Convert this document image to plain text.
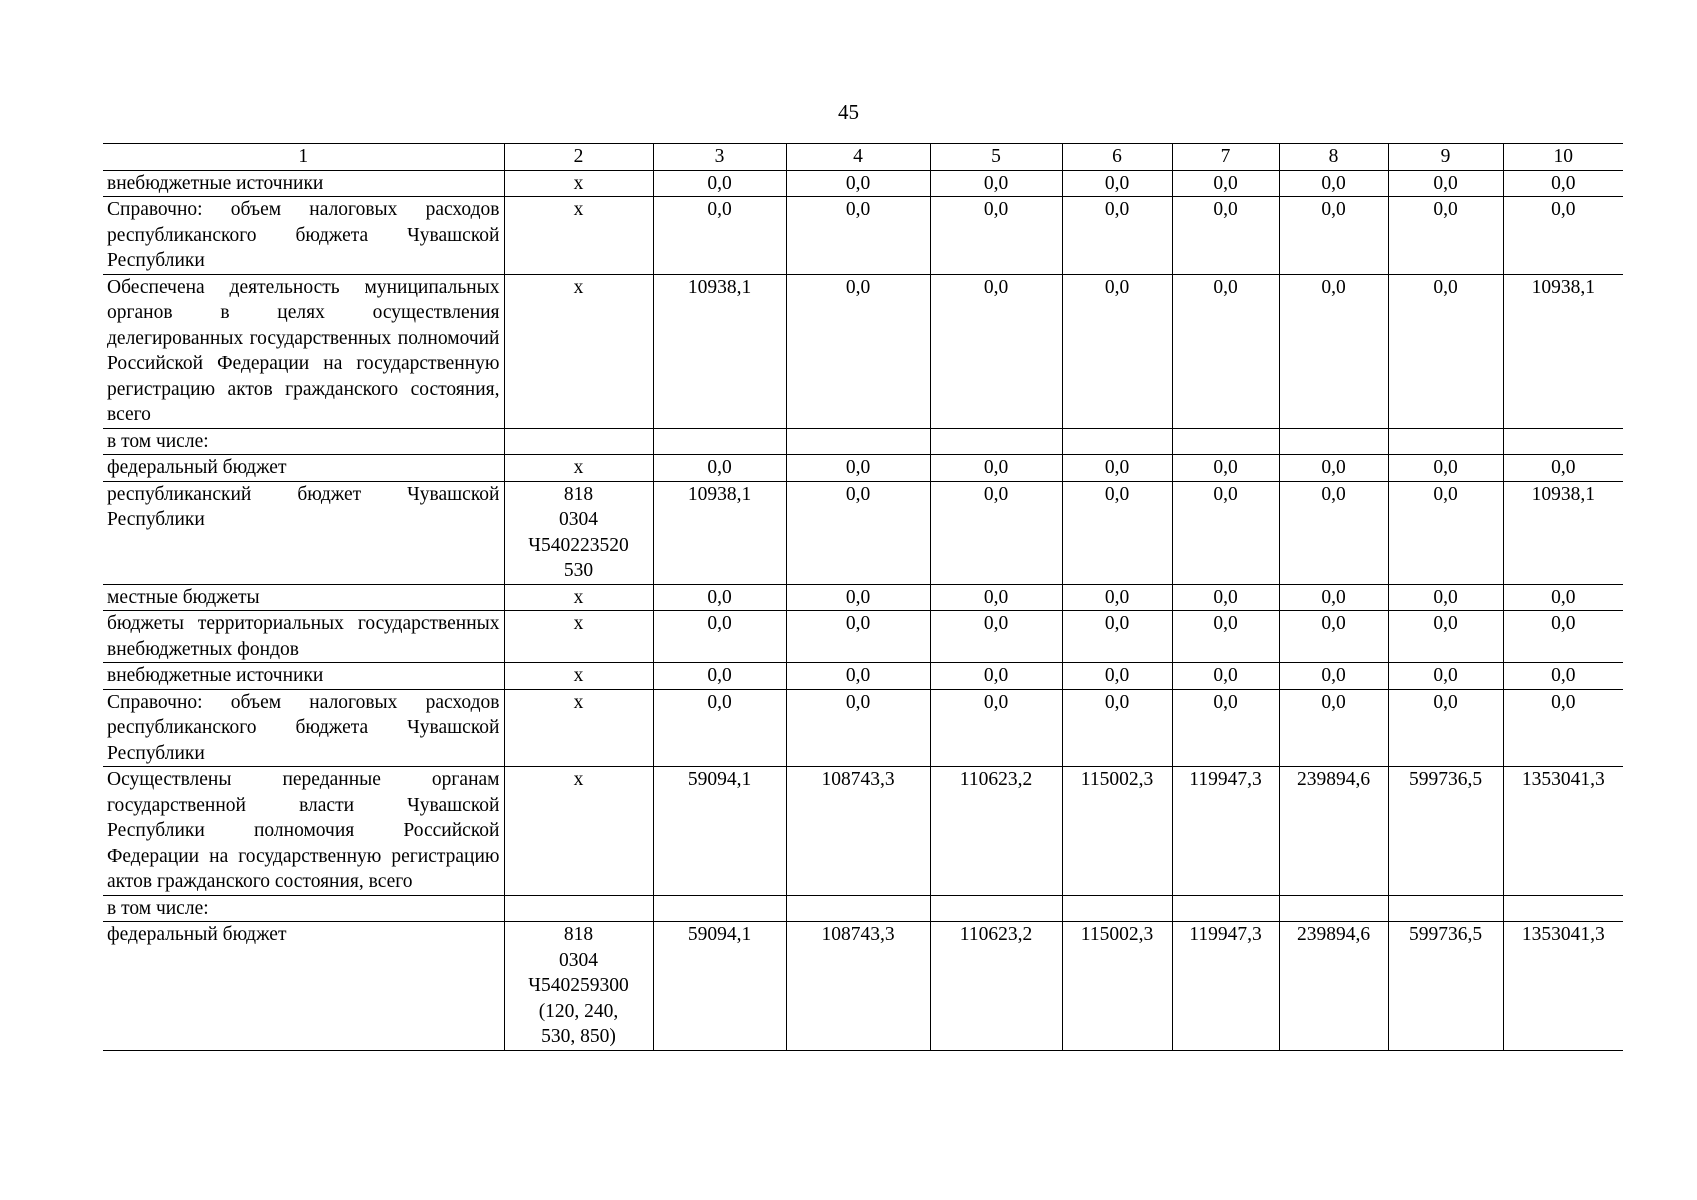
45
1	2	3	4	5	6	7	8	9	10
внебюджетные источники	х	0,0	0,0	0,0	0,0	0,0	0,0	0,0	0,0
Справочно: объем налоговых расходов республиканского бюджета Чувашской Республики	х	0,0	0,0	0,0	0,0	0,0	0,0	0,0	0,0
Обеспечена деятельность муниципальных органов в целях осуществления делегированных государственных полномочий Российской Федерации на государственную регистрацию актов гражданского состояния, всего	х	10938,1	0,0	0,0	0,0	0,0	0,0	0,0	10938,1
в том числе:	

федеральный бюджет	х	0,0	0,0	0,0	0,0	0,0	0,0	0,0	0,0
республиканский бюджет Чувашской Республики	818
0304
Ч540223520
530	10938,1	0,0	0,0	0,0	0,0	0,0	0,0	10938,1
местные бюджеты	х	0,0	0,0	0,0	0,0	0,0	0,0	0,0	0,0
бюджеты территориальных государственных внебюджетных фондов	х	0,0	0,0	0,0	0,0	0,0	0,0	0,0	0,0
внебюджетные источники	х	0,0	0,0	0,0	0,0	0,0	0,0	0,0	0,0
Справочно: объем налоговых расходов республиканского бюджета Чувашской Республики	х	0,0	0,0	0,0	0,0	0,0	0,0	0,0	0,0
Осуществлены переданные органам государственной власти Чувашской Республики полномочия Российской Федерации на государственную регистрацию актов гражданского состояния, всего	х	59094,1	108743,3	110623,2	115002,3	119947,3	239894,6	599736,5	1353041,3
в том числе:	

федеральный бюджет	818
0304
Ч540259300
(120, 240,
530, 850)	59094,1	108743,3	110623,2	115002,3	119947,3	239894,6	599736,5	1353041,3
